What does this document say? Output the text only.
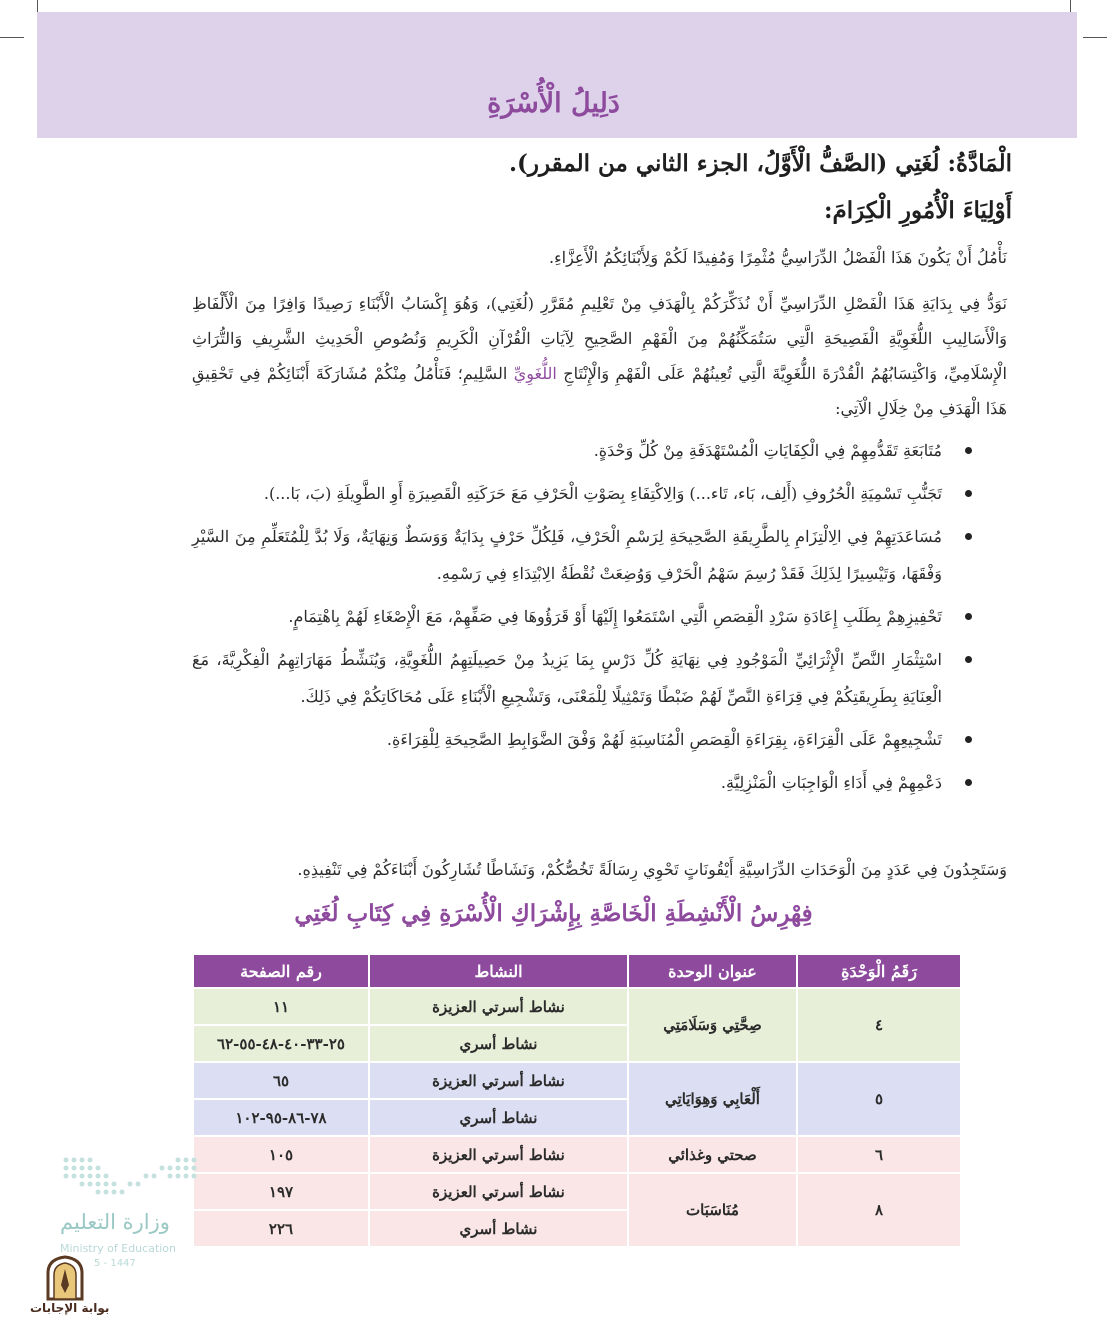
دَلِيلُ الْأُسْرَةِ
الْمَادَّةُ: لُغَتِي (الصَّفُّ الْأَوَّلُ، الجزء الثاني من المقرر).
أَوْلِيَاءَ الْأُمُورِ الْكِرَامَ:
نَأْمُلُ أَنْ يَكُونَ هَذَا الْفَصْلُ الدِّرَاسِيُّ مُثْمِرًا وَمُفِيدًا لَكُمْ وَلِأَبْنَائِكُمُ الْأَعِزَّاءِ.
نَوَدُّ فِي بِدَايَةِ هَذَا الْفَصْلِ الدِّرَاسِيِّ أَنْ نُذَكِّرَكُمْ بِالْهَدَفِ مِنْ تَعْلِيمِ مُقَرَّرِ (لُغَتِي)، وَهُوَ إِكْسَابُ الْأَبْنَاءِ رَصِيدًا وَافِرًا مِنَ الْأَلْفَاظِ وَالْأَسَالِيبِ اللُّغَوِيَّةِ الْفَصِيحَةِ الَّتِي سَتُمَكِّنُهُمْ مِنَ الْفَهْمِ الصَّحِيحِ لِآيَاتِ الْقُرْآنِ الْكَرِيمِ وَنُصُوصِ الْحَدِيثِ الشَّرِيفِ وَالتُّرَاثِ الْإِسْلَامِيِّ، وَاكْتِسَابُهُمُ الْقُدْرَةَ اللُّغَوِيَّةَ الَّتِي تُعِينُهُمْ عَلَى الْفَهْمِ وَالْإِنْتَاجِ اللُّغَوِيِّ السَّلِيمِ؛ فَنَأْمُلُ مِنْكُمْ مُشَارَكَةَ أَبْنَائِكُمْ فِي تَحْقِيقِ هَذَا الْهَدَفِ مِنْ خِلَالِ الْآتِي:
مُتَابَعَةِ تَقَدُّمِهِمْ فِي الْكِفَايَاتِ الْمُسْتَهْدَفَةِ مِنْ كُلِّ وَحْدَةٍ.
تَجَنُّبِ تَسْمِيَةِ الْحُرُوفِ (أَلِف، بَاء، تَاء...) وَالِاكْتِفَاءِ بِصَوْتِ الْحَرْفِ مَعَ حَرَكَتِهِ الْقَصِيرَةِ أَوِ الطَّوِيلَةِ (بَ، بَا...).
مُسَاعَدَتِهِمْ فِي الِالْتِزَامِ بِالطَّرِيقَةِ الصَّحِيحَةِ لِرَسْمِ الْحَرْفِ، فَلِكُلِّ حَرْفٍ بِدَايَةٌ وَوَسَطٌ وَنِهَايَةٌ، وَلَا بُدَّ لِلْمُتَعَلِّمِ مِنَ السَّيْرِ وَفْقَهَا، وَتَيْسِيرًا لِذَلِكَ فَقَدْ رُسِمَ سَهْمُ الْحَرْفِ وَوُضِعَتْ نُقْطَةُ الِابْتِدَاءِ فِي رَسْمِهِ.
تَحْفِيزِهِمْ بِطَلَبِ إِعَادَةِ سَرْدِ الْقِصَصِ الَّتِي اسْتَمَعُوا إِلَيْهَا أَوْ قَرَؤُوهَا فِي صَفِّهِمْ، مَعَ الْإِصْغَاءِ لَهُمْ بِاهْتِمَامٍ.
اسْتِثْمَارِ النَّصِّ الْإِثْرَائِيِّ الْمَوْجُودِ فِي نِهَايَةِ كُلِّ دَرْسٍ بِمَا يَزِيدُ مِنْ حَصِيلَتِهِمُ اللُّغَوِيَّةِ، وَيُنَشِّطُ مَهَارَاتِهِمُ الْفِكْرِيَّةَ، مَعَ الْعِنَايَةِ بِطَرِيقَتِكُمْ فِي قِرَاءَةِ النَّصِّ لَهُمْ ضَبْطًا وَتَمْثِيلًا لِلْمَعْنَى، وَتَشْجِيعِ الْأَبْنَاءِ عَلَى مُحَاكَاتِكُمْ فِي ذَلِكَ.
تَشْجِيعِهِمْ عَلَى الْقِرَاءَةِ، بِقِرَاءَةِ الْقِصَصِ الْمُنَاسِبَةِ لَهُمْ وَفْقَ الضَّوَابِطِ الصَّحِيحَةِ لِلْقِرَاءَةِ.
دَعْمِهِمْ فِي أَدَاءِ الْوَاجِبَاتِ الْمَنْزِلِيَّةِ.
وَسَتَجِدُونَ فِي عَدَدٍ مِنَ الْوَحَدَاتِ الدِّرَاسِيَّةِ أَيْقُونَاتٍ تَحْوِي رِسَالَةً تَخُصُّكُمْ، وَنَشَاطًا تُشَارِكُونَ أَبْنَاءَكُمْ فِي تَنْفِيذِهِ.
فِهْرِسُ الْأَنْشِطَةِ الْخَاصَّةِ بِإِشْرَاكِ الْأُسْرَةِ فِي كِتَابِ لُغَتِي
رَقَمُ الْوَحْدَةِ	عنوان الوحدة	النشاط	رقم الصفحة
٤	صِحَّتِي وَسَلَامَتِي	نشاط أسرتي العزيزة	١١
		نشاط أسري	٢٥-٣٣-٤٠-٤٨-٥٥-٦٢
٥	أَلْعَابِي وَهِوَايَاتِي	نشاط أسرتي العزيزة	٦٥
		نشاط أسري	٧٨-٨٦-٩٥-١٠٢
٦	صحتي وغذائي	نشاط أسرتي العزيزة	١٠٥
٨	مُنَاسَبَات	نشاط أسرتي العزيزة	١٩٧
		نشاط أسري	٢٢٦
وزارة التعليم
Ministry of Education
5 - 1447
بوابة الإجابات
